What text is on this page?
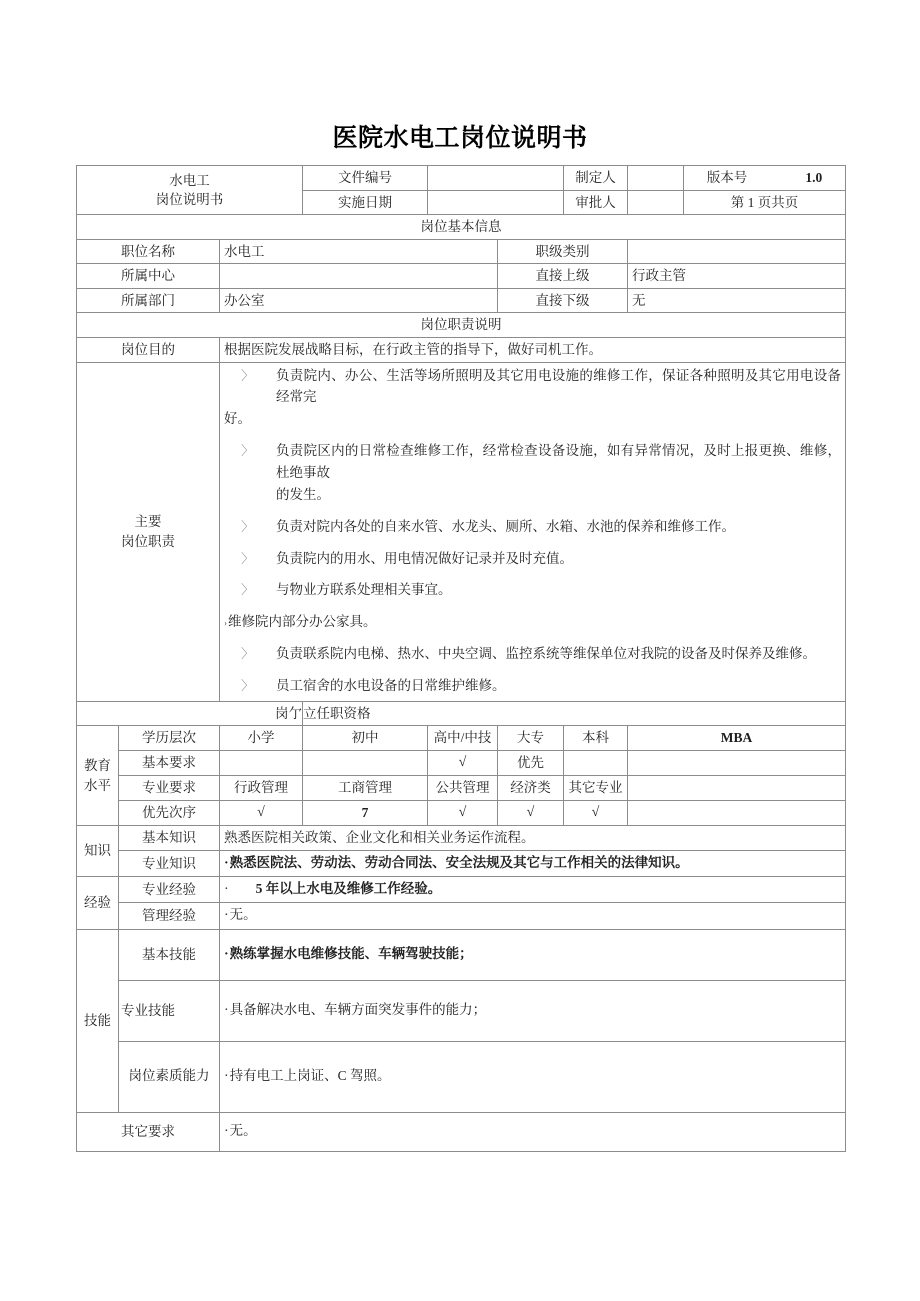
医院水电工岗位说明书
水电工
岗位说明书			文件编号			制定人		版本号 1.0
			实施日期			审批人		第 1 页共页
岗位基本信息								
职位名称		水电工			职级类别			
所属中心					直接上级		行政主管	
所属部门		办公室			直接下级		无	
岗位职责说明								
岗位目的		根据医院发展战略目标，在行政主管的指导下，做好司机工作。						

主要
岗位职责

〉 负责院内、办公、生活等场所照明及其它用电设施的维修工作，保证各种照明及其它用电设备经常完
好。
〉 负责院区内的日常检查维修工作，经常检查设备设施，如有异常情况，及时上报更换、维修，杜绝事故
的发生。
〉 负责对院内各处的自来水管、水龙头、厕所、水箱、水池的保养和维修工作。
〉 负责院内的用水、用电情况做好记录并及时充值。
〉 与物业方联系处理相关事宜。
›维修院内部分办公家具。
〉 负责联系院内电梯、热水、中央空调、监控系统等维保单位对我院的设备及时保养及维修。
〉 员工宿舍的水电设备的日常维护维修。

岗亇			立任职资格					
教育水平	学历层次	小学	初中	高中/中技	大专	本科	MBA	
	基本要求			√	优先			
	专业要求	行政管理	工商管理	公共管理	经济类	其它专业		
	优先次序	√	7	√	√	√		
知识	基本知识	熟悉医院相关政策、企业文化和相关业务运作流程。						
	专业知识	·熟悉医院法、劳动法、劳动合同法、安全法规及其它与工作相关的法律知识。						
经验	专业经验	· 5 年以上水电及维修工作经验。						
	管理经验	·无。						
技能	基本技能	·熟练掌握水电维修技能、车辆驾驶技能；						
	专业技能	·具备解决水电、车辆方面突发事件的能力；						
	岗位素质能力	·持有电工上岗证、C 驾照。						
其它要求		·无。						
